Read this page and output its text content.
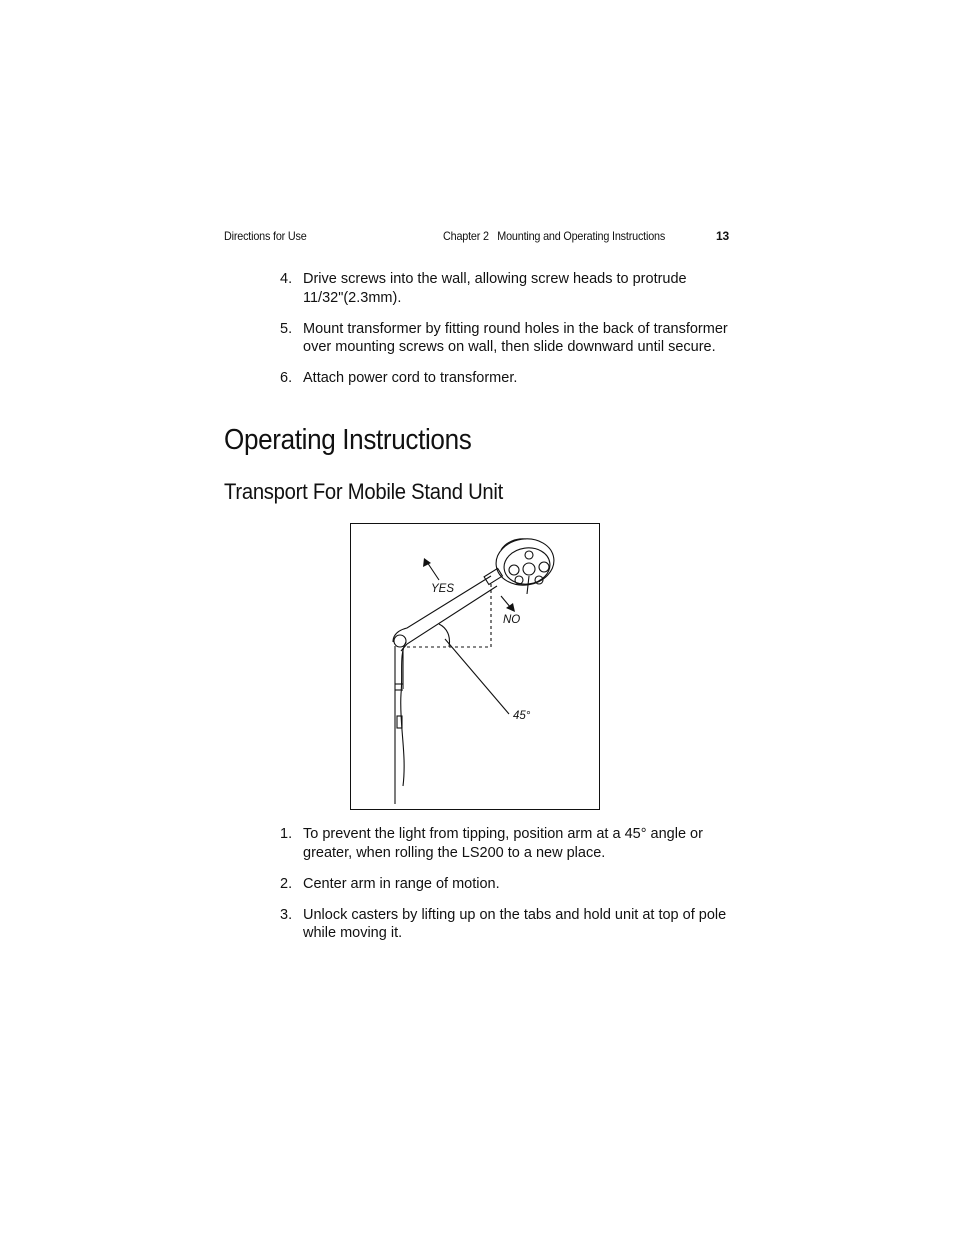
Directions for Use	Chapter 2   Mounting and Operating Instructions	13
4. Drive screws into the wall, allowing screw heads to protrude 11/32"(2.3mm).
5. Mount transformer by fitting round holes in the back of transformer over mounting screws on wall, then slide downward until secure.
6. Attach power cord to transformer.
Operating Instructions
Transport For Mobile Stand Unit
YES
NO
45°
1. To prevent the light from tipping, position arm at a 45° angle or greater, when rolling the LS200 to a new place.
2. Center arm in range of motion.
3. Unlock casters by lifting up on the tabs and hold unit at top of pole while moving it.
